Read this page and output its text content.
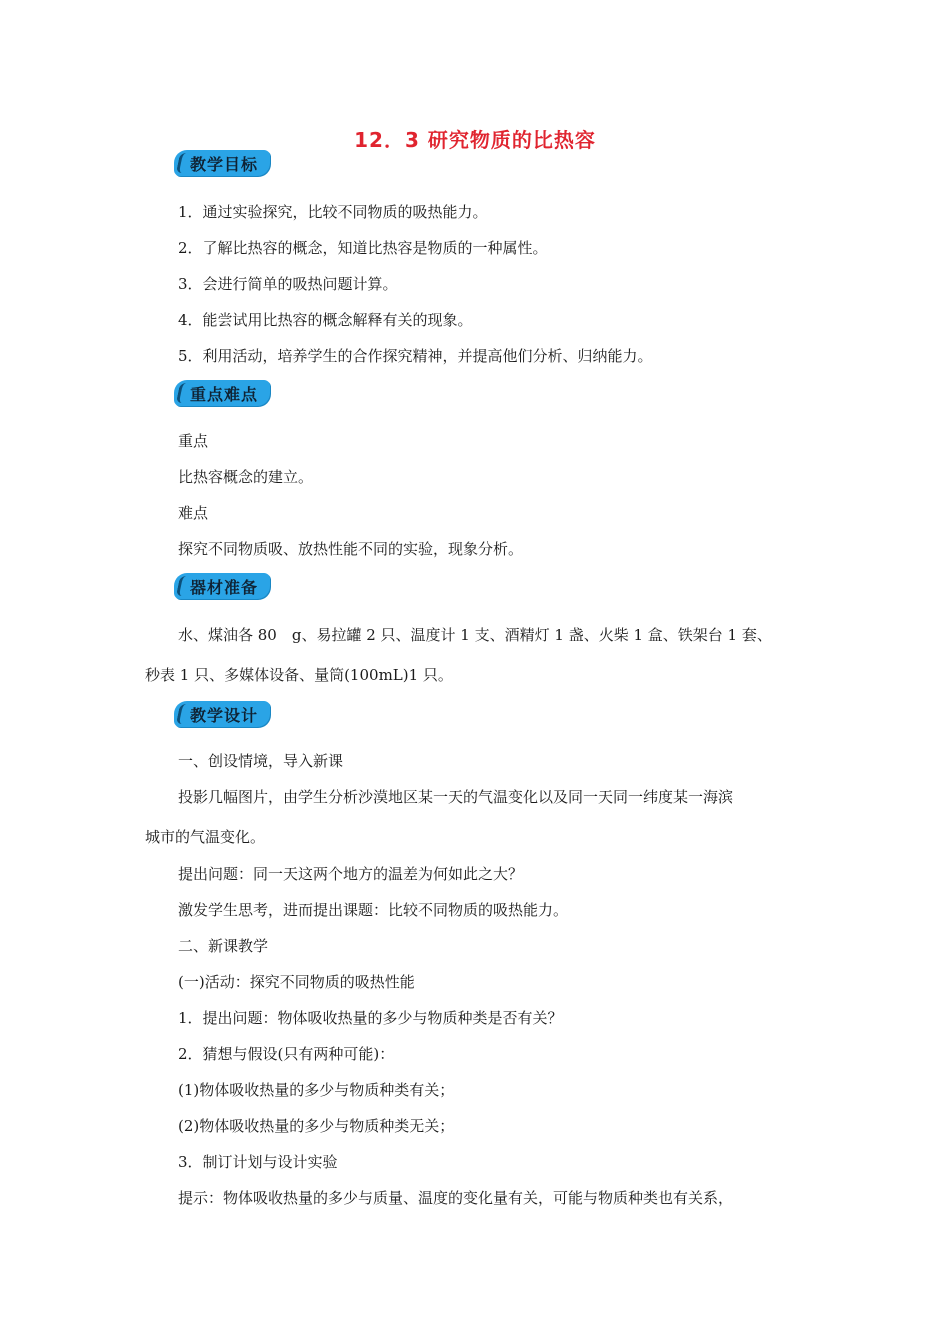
12．3 研究物质的比热容
教学目标
1．通过实验探究，比较不同物质的吸热能力。
2．了解比热容的概念，知道比热容是物质的一种属性。
3．会进行简单的吸热问题计算。
4．能尝试用比热容的概念解释有关的现象。
5．利用活动，培养学生的合作探究精神，并提高他们分析、归纳能力。
重点难点
重点
比热容概念的建立。
难点
探究不同物质吸、放热性能不同的实验，现象分析。
器材准备
水、煤油各 80　g、易拉罐 2 只、温度计 1 支、酒精灯 1 盏、火柴 1 盒、铁架台 1 套、
秒表 1 只、多媒体设备、量筒(100mL)1 只。
教学设计
一、创设情境，导入新课
投影几幅图片，由学生分析沙漠地区某一天的气温变化以及同一天同一纬度某一海滨
城市的气温变化。
提出问题：同一天这两个地方的温差为何如此之大？
激发学生思考，进而提出课题：比较不同物质的吸热能力。
二、新课教学
(一)活动：探究不同物质的吸热性能
1．提出问题：物体吸收热量的多少与物质种类是否有关？
2．猜想与假设(只有两种可能)：
(1)物体吸收热量的多少与物质种类有关；
(2)物体吸收热量的多少与物质种类无关；
3．制订计划与设计实验
提示：物体吸收热量的多少与质量、温度的变化量有关，可能与物质种类也有关系，
